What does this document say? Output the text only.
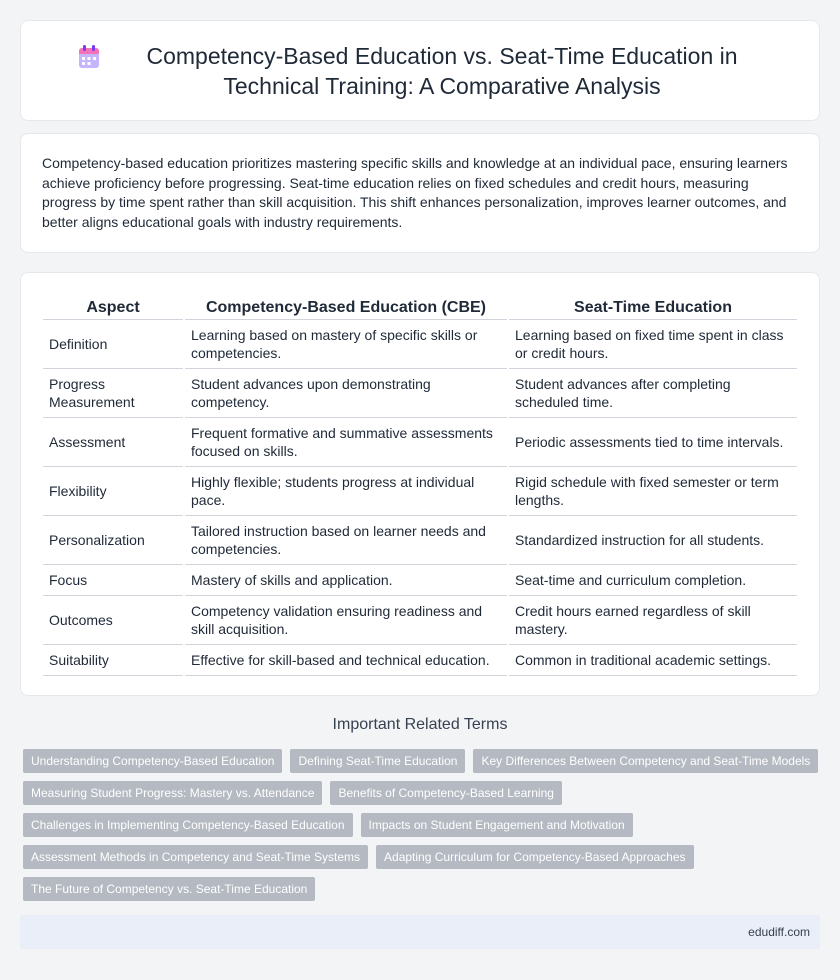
Competency-Based Education vs. Seat-Time Education in Technical Training: A Comparative Analysis

Competency-based education prioritizes mastering specific skills and knowledge at an individual pace, ensuring learners achieve proficiency before progressing. Seat-time education relies on fixed schedules and credit hours, measuring progress by time spent rather than skill acquisition. This shift enhances personalization, improves learner outcomes, and better aligns educational goals with industry requirements.

Aspect	Competency-Based Education (CBE)	Seat-Time Education
Definition	Learning based on mastery of specific skills or competencies.	Learning based on fixed time spent in class or credit hours.
Progress Measurement	Student advances upon demonstrating competency.	Student advances after completing scheduled time.
Assessment	Frequent formative and summative assessments focused on skills.	Periodic assessments tied to time intervals.
Flexibility	Highly flexible; students progress at individual pace.	Rigid schedule with fixed semester or term lengths.
Personalization	Tailored instruction based on learner needs and competencies.	Standardized instruction for all students.
Focus	Mastery of skills and application.	Seat-time and curriculum completion.
Outcomes	Competency validation ensuring readiness and skill acquisition.	Credit hours earned regardless of skill mastery.
Suitability	Effective for skill-based and technical education.	Common in traditional academic settings.
Important Related Terms
Understanding Competency-Based Education	Defining Seat-Time Education	Key Differences Between Competency and Seat-Time Models
Measuring Student Progress: Mastery vs. Attendance	Benefits of Competency-Based Learning
Challenges in Implementing Competency-Based Education	Impacts on Student Engagement and Motivation
Assessment Methods in Competency and Seat-Time Systems	Adapting Curriculum for Competency-Based Approaches
The Future of Competency vs. Seat-Time Education
edudiff.com
